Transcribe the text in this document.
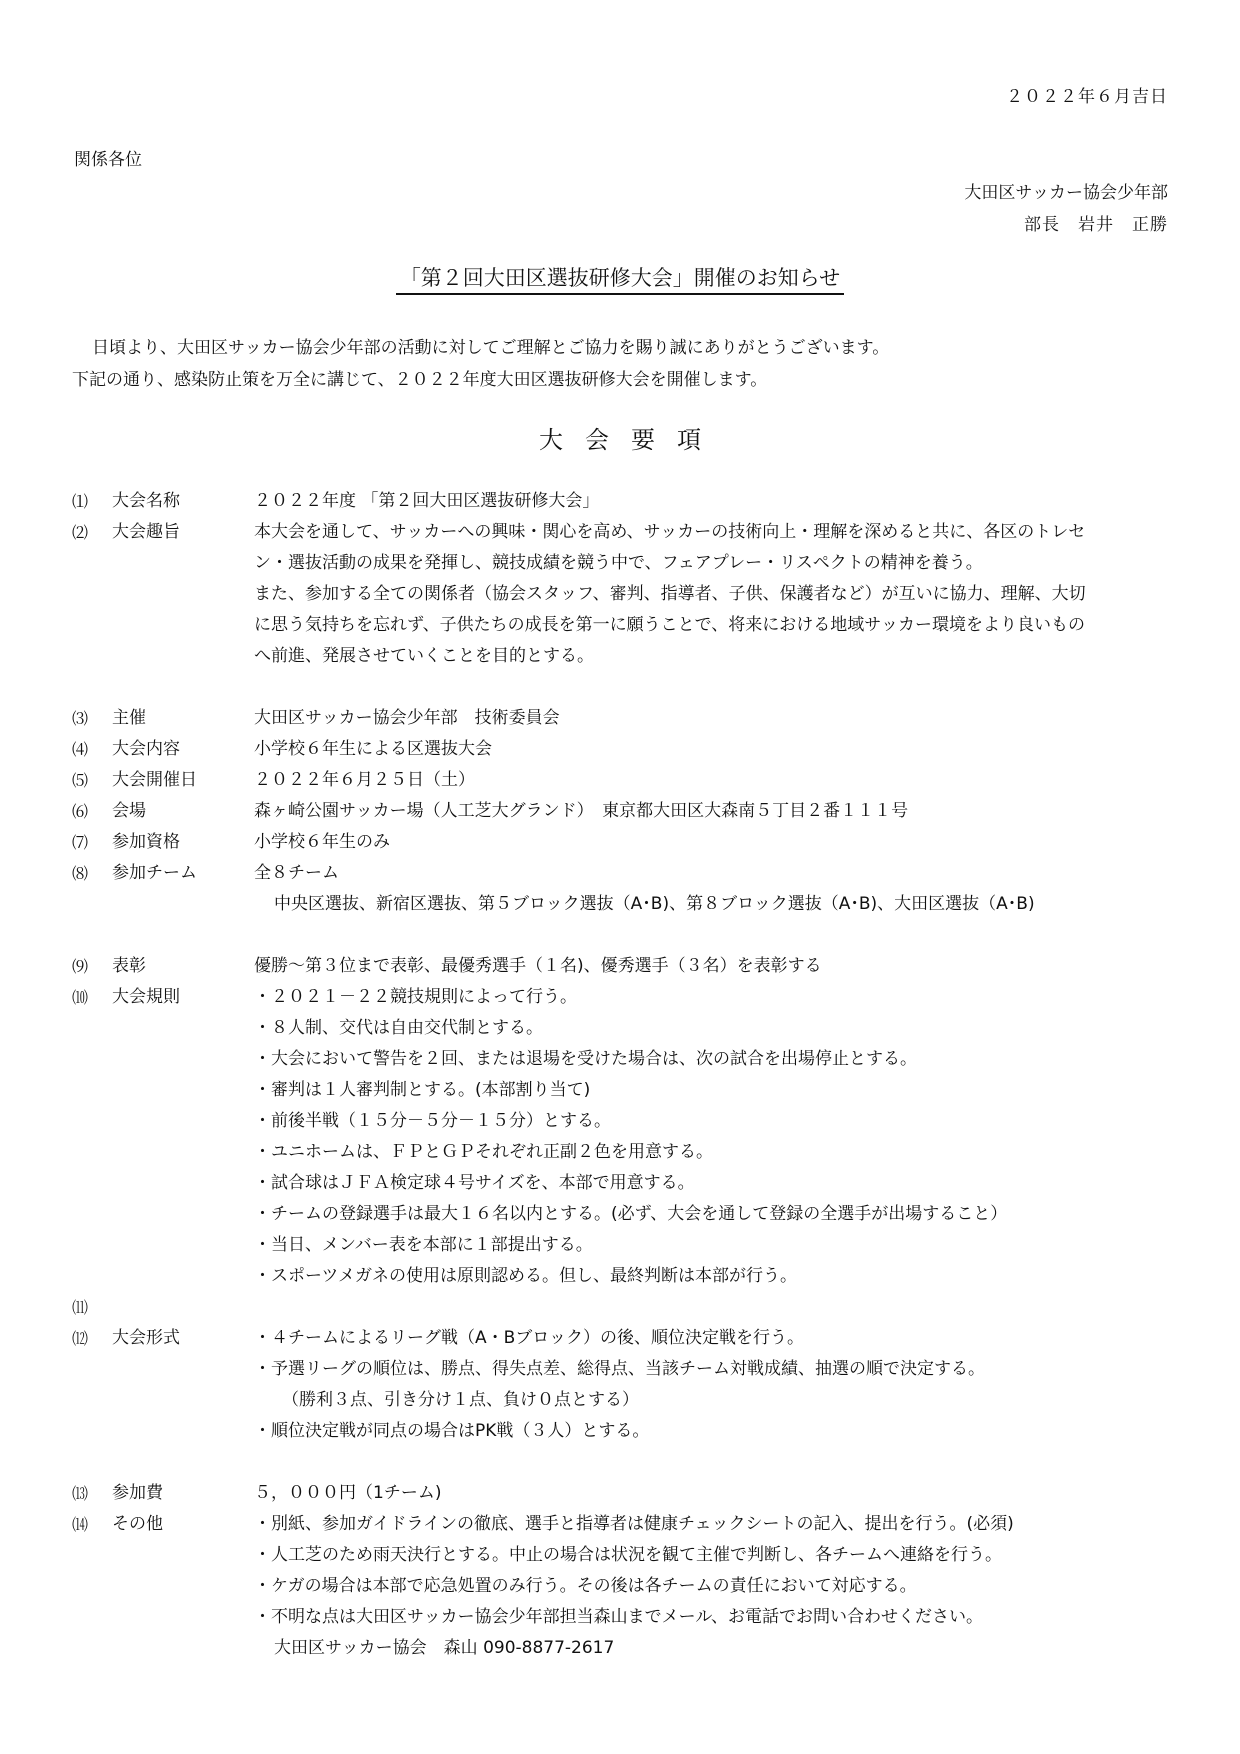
２０２２年６月吉日
関係各位
大田区サッカー協会少年部
部長　岩井　正勝
「第２回大田区選抜研修大会」開催のお知らせ
日頃より、大田区サッカー協会少年部の活動に対してご理解とご協力を賜り誠にありがとうございます。
下記の通り、感染防止策を万全に講じて、２０２２年度大田区選抜研修大会を開催します。
大会要項
⑴	大会名称	２０２２年度 「第２回大田区選抜研修大会」
⑵	大会趣旨	本大会を通して、サッカーへの興味・関心を高め、サッカーの技術向上・理解を深めると共に、各区のトレセ
ン・選抜活動の成果を発揮し、競技成績を競う中で、フェアプレー・リスペクトの精神を養う。
また、参加する全ての関係者（協会スタッフ、審判、指導者、子供、保護者など）が互いに協力、理解、大切
に思う気持ちを忘れず、子供たちの成長を第一に願うことで、将来における地域サッカー環境をより良いもの
へ前進、発展させていくことを目的とする。
⑶	主催	大田区サッカー協会少年部　技術委員会
⑷	大会内容	小学校６年生による区選抜大会
⑸	大会開催日	２０２２年６月２５日（土）
⑹	会場	森ヶ崎公園サッカー場（人工芝大グランド）　東京都大田区大森南５丁目２番１１１号
⑺	参加資格	小学校６年生のみ
⑻	参加チーム	全８チーム
中央区選抜、新宿区選抜、第５ブロック選抜（A･B)、第８ブロック選抜（A･B)、大田区選抜（A･B)
⑼	表彰	優勝〜第３位まで表彰、最優秀選手（１名)、優秀選手（３名）を表彰する
⑽	大会規則	・２０２１－２２競技規則によって行う。
・８人制、交代は自由交代制とする。
・大会において警告を２回、または退場を受けた場合は、次の試合を出場停止とする。
・審判は１人審判制とする。(本部割り当て)
・前後半戦（１５分－５分－１５分）とする。
・ユニホームは、ＦＰとＧＰそれぞれ正副２色を用意する。
・試合球はＪＦＡ検定球４号サイズを、本部で用意する。
・チームの登録選手は最大１６名以内とする。(必ず、大会を通して登録の全選手が出場すること）
・当日、メンバー表を本部に１部提出する。
・スポーツメガネの使用は原則認める。但し、最終判断は本部が行う。
⑾

⑿	大会形式	・４チームによるリーグ戦（A・Bブロック）の後、順位決定戦を行う。
・予選リーグの順位は、勝点、得失点差、総得点、当該チーム対戦成績、抽選の順で決定する。
（勝利３点、引き分け１点、負け０点とする）
・順位決定戦が同点の場合はPK戦（３人）とする。
⒀	参加費	５，０００円（1チーム)
⒁	その他	・別紙、参加ガイドラインの徹底、選手と指導者は健康チェックシートの記入、提出を行う。(必須)
・人工芝のため雨天決行とする。中止の場合は状況を観て主催で判断し、各チームへ連絡を行う。
・ケガの場合は本部で応急処置のみ行う。その後は各チームの責任において対応する。
・不明な点は大田区サッカー協会少年部担当森山までメール、お電話でお問い合わせください。
大田区サッカー協会　森山 090-8877-2617
